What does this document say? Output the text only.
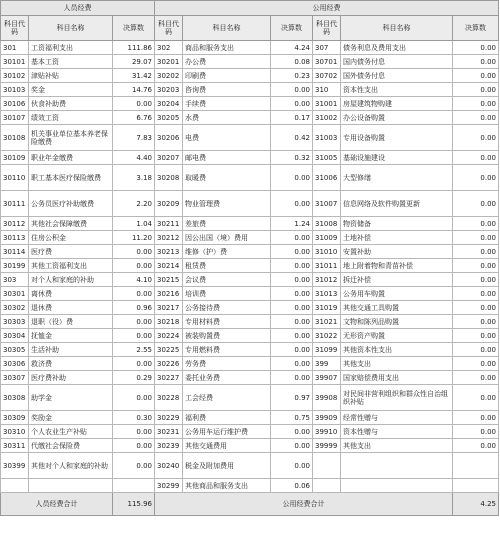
人员经费			公用经费					
科目代码	科目名称	决算数	科目代码	科目名称	决算数	科目代码	科目名称	决算数
301	工资福利支出	111.86	302	商品和服务支出	4.24	307	债务利息及费用支出	0.00
30101	基本工资	29.07	30201	办公费	0.08	30701	国内债务付息	0.00
30102	津贴补贴	31.42	30202	印刷费	0.23	30702	国外债务付息	0.00
30103	奖金	14.76	30203	咨询费	0.00	310	资本性支出	0.00
30106	伙食补助费	0.00	30204	手续费	0.00	31001	房屋建筑物购建	0.00
30107	绩效工资	6.76	30205	水费	0.17	31002	办公设备购置	0.00
30108	机关事业单位基本养老保险缴费	7.83	30206	电费	0.42	31003	专用设备购置	0.00
30109	职业年金缴费	4.40	30207	邮电费	0.32	31005	基础设施建设	0.00
30110	职工基本医疗保险缴费	3.18	30208	取暖费	0.00	31006	大型修缮	0.00
30111	公务员医疗补助缴费	2.20	30209	物业管理费	0.00	31007	信息网络及软件购置更新	0.00
30112	其他社会保障缴费	1.04	30211	差旅费	1.24	31008	物资储备	0.00
30113	住房公积金	11.20	30212	因公出国（境）费用	0.00	31009	土地补偿	0.00
30114	医疗费	0.00	30213	维修（护）费	0.00	31010	安置补助	0.00
30199	其他工资福利支出	0.00	30214	租赁费	0.00	31011	地上附着物和青苗补偿	0.00
303	对个人和家庭的补助	4.10	30215	会议费	0.00	31012	拆迁补偿	0.00
30301	离休费	0.00	30216	培训费	0.00	31013	公务用车购置	0.00
30302	退休费	0.96	30217	公务接待费	0.00	31019	其他交通工具购置	0.00
30303	退职（役）费	0.00	30218	专用材料费	0.00	31021	文物和陈列品购置	0.00
30304	抚恤金	0.00	30224	被装购置费	0.00	31022	无形资产购置	0.00
30305	生活补助	2.55	30225	专用燃料费	0.00	31099	其他资本性支出	0.00
30306	救济费	0.00	30226	劳务费	0.00	399	其他支出	0.00
30307	医疗费补助	0.29	30227	委托业务费	0.00	39907	国家赔偿费用支出	0.00
30308	助学金	0.00	30228	工会经费	0.97	39908	对民间非营利组织和群众性自治组织补贴	0.00
30309	奖励金	0.30	30229	福利费	0.75	39909	经常性赠与	0.00
30310	个人农业生产补贴	0.00	30231	公务用车运行维护费	0.00	39910	资本性赠与	0.00
30311	代缴社会保险费	0.00	30239	其他交通费用	0.00	39999	其他支出	0.00
30399	其他对个人和家庭的补助	0.00	30240	税金及附加费用	0.00			
			30299	其他商品和服务支出	0.06			
人员经费合计		115.96	公用经费合计					4.25
